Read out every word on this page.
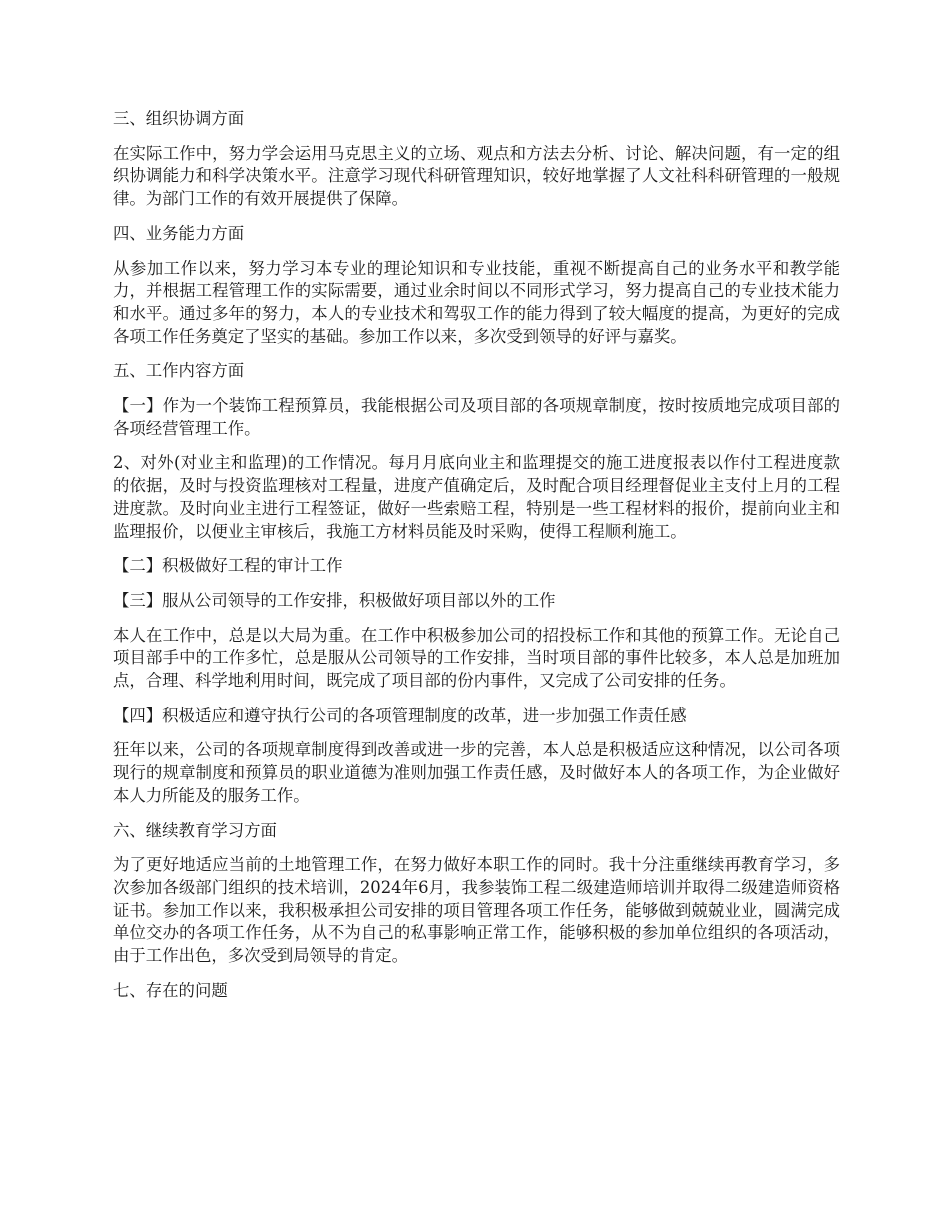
三、组织协调方面
在实际工作中，努力学会运用马克思主义的立场、观点和方法去分析、讨论、解决问题，有一定的组织协调能力和科学决策水平。注意学习现代科研管理知识，较好地掌握了人文社科科研管理的一般规律。为部门工作的有效开展提供了保障。
四、业务能力方面
从参加工作以来，努力学习本专业的理论知识和专业技能，重视不断提高自己的业务水平和教学能力，并根据工程管理工作的实际需要，通过业余时间以不同形式学习，努力提高自己的专业技术能力和水平。通过多年的努力，本人的专业技术和驾驭工作的能力得到了较大幅度的提高，为更好的完成各项工作任务奠定了坚实的基础。参加工作以来，多次受到领导的好评与嘉奖。
五、工作内容方面
【一】作为一个装饰工程预算员，我能根据公司及项目部的各项规章制度，按时按质地完成项目部的各项经营管理工作。
2、对外(对业主和监理)的工作情况。每月月底向业主和监理提交的施工进度报表以作付工程进度款的依据，及时与投资监理核对工程量，进度产值确定后，及时配合项目经理督促业主支付上月的工程进度款。及时向业主进行工程签证，做好一些索赔工程，特别是一些工程材料的报价，提前向业主和监理报价，以便业主审核后，我施工方材料员能及时采购，使得工程顺利施工。
【二】积极做好工程的审计工作
【三】服从公司领导的工作安排，积极做好项目部以外的工作
本人在工作中，总是以大局为重。在工作中积极参加公司的招投标工作和其他的预算工作。无论自己项目部手中的工作多忙，总是服从公司领导的工作安排，当时项目部的事件比较多，本人总是加班加点，合理、科学地利用时间，既完成了项目部的份内事件，又完成了公司安排的任务。
【四】积极适应和遵守执行公司的各项管理制度的改革，进一步加强工作责任感
狂年以来，公司的各项规章制度得到改善或进一步的完善，本人总是积极适应这种情况，以公司各项现行的规章制度和预算员的职业道德为准则加强工作责任感，及时做好本人的各项工作，为企业做好本人力所能及的服务工作。
六、继续教育学习方面
为了更好地适应当前的土地管理工作，在努力做好本职工作的同时。我十分注重继续再教育学习，多次参加各级部门组织的技术培训，2024年6月，我参装饰工程二级建造师培训并取得二级建造师资格证书。参加工作以来，我积极承担公司安排的项目管理各项工作任务，能够做到兢兢业业，圆满完成单位交办的各项工作任务，从不为自己的私事影响正常工作，能够积极的参加单位组织的各项活动，由于工作出色，多次受到局领导的肯定。
七、存在的问题
